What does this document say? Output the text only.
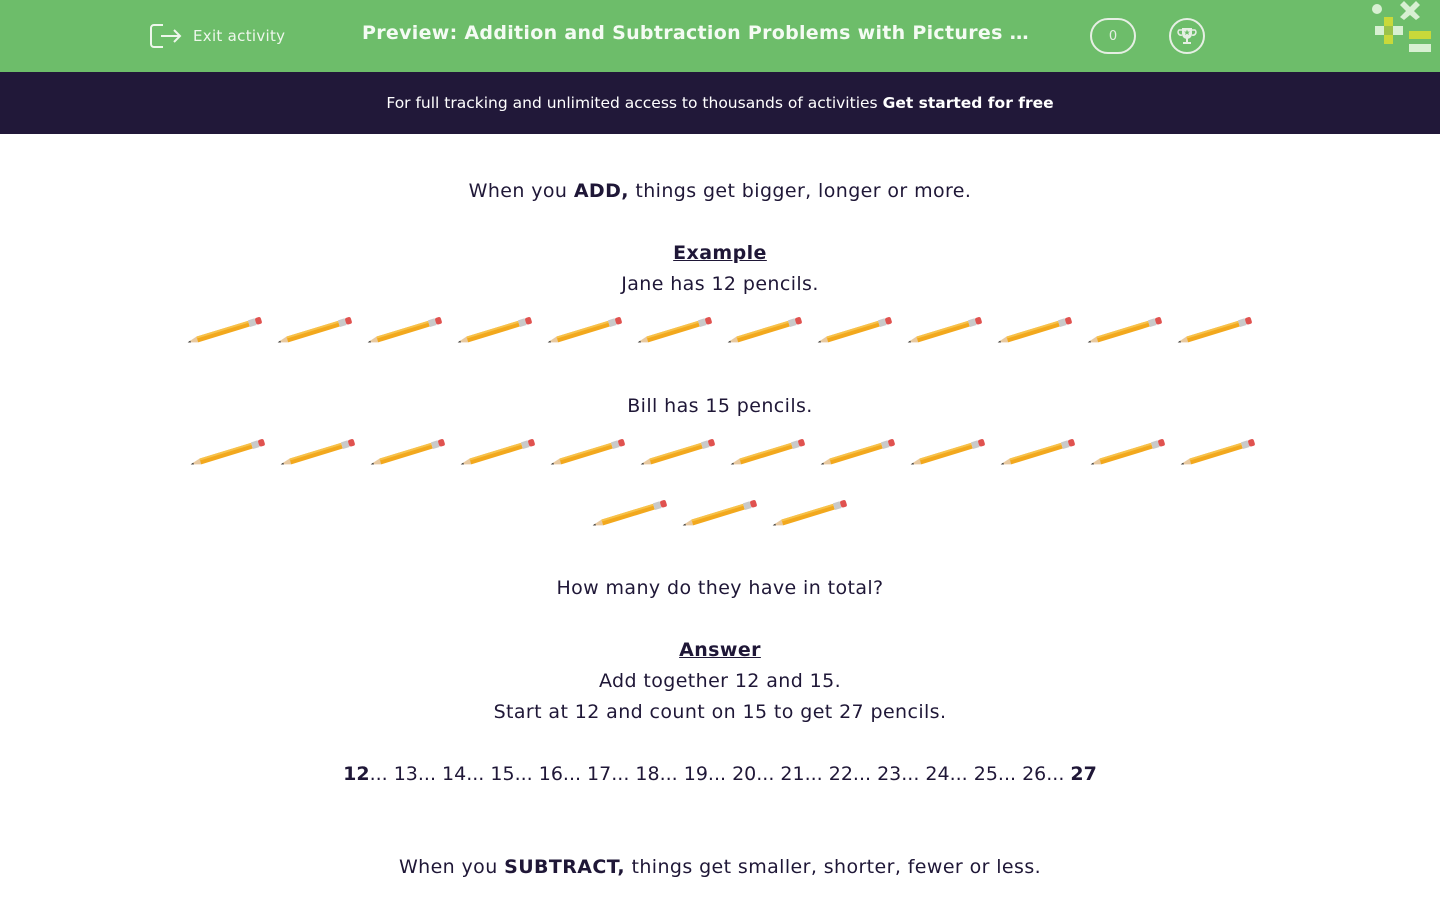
Exit activity	Preview: Addition and Subtraction Problems with Pictures …	0
For full tracking and unlimited access to thousands of activities Get started for free
When you ADD, things get bigger, longer or more.
Example
Jane has 12 pencils.
Bill has 15 pencils.
How many do they have in total?
Answer
Add together 12 and 15.
Start at 12 and count on 15 to get 27 pencils.
12... 13... 14... 15... 16... 17... 18... 19... 20... 21... 22... 23... 24... 25... 26... 27
When you SUBTRACT, things get smaller, shorter, fewer or less.
